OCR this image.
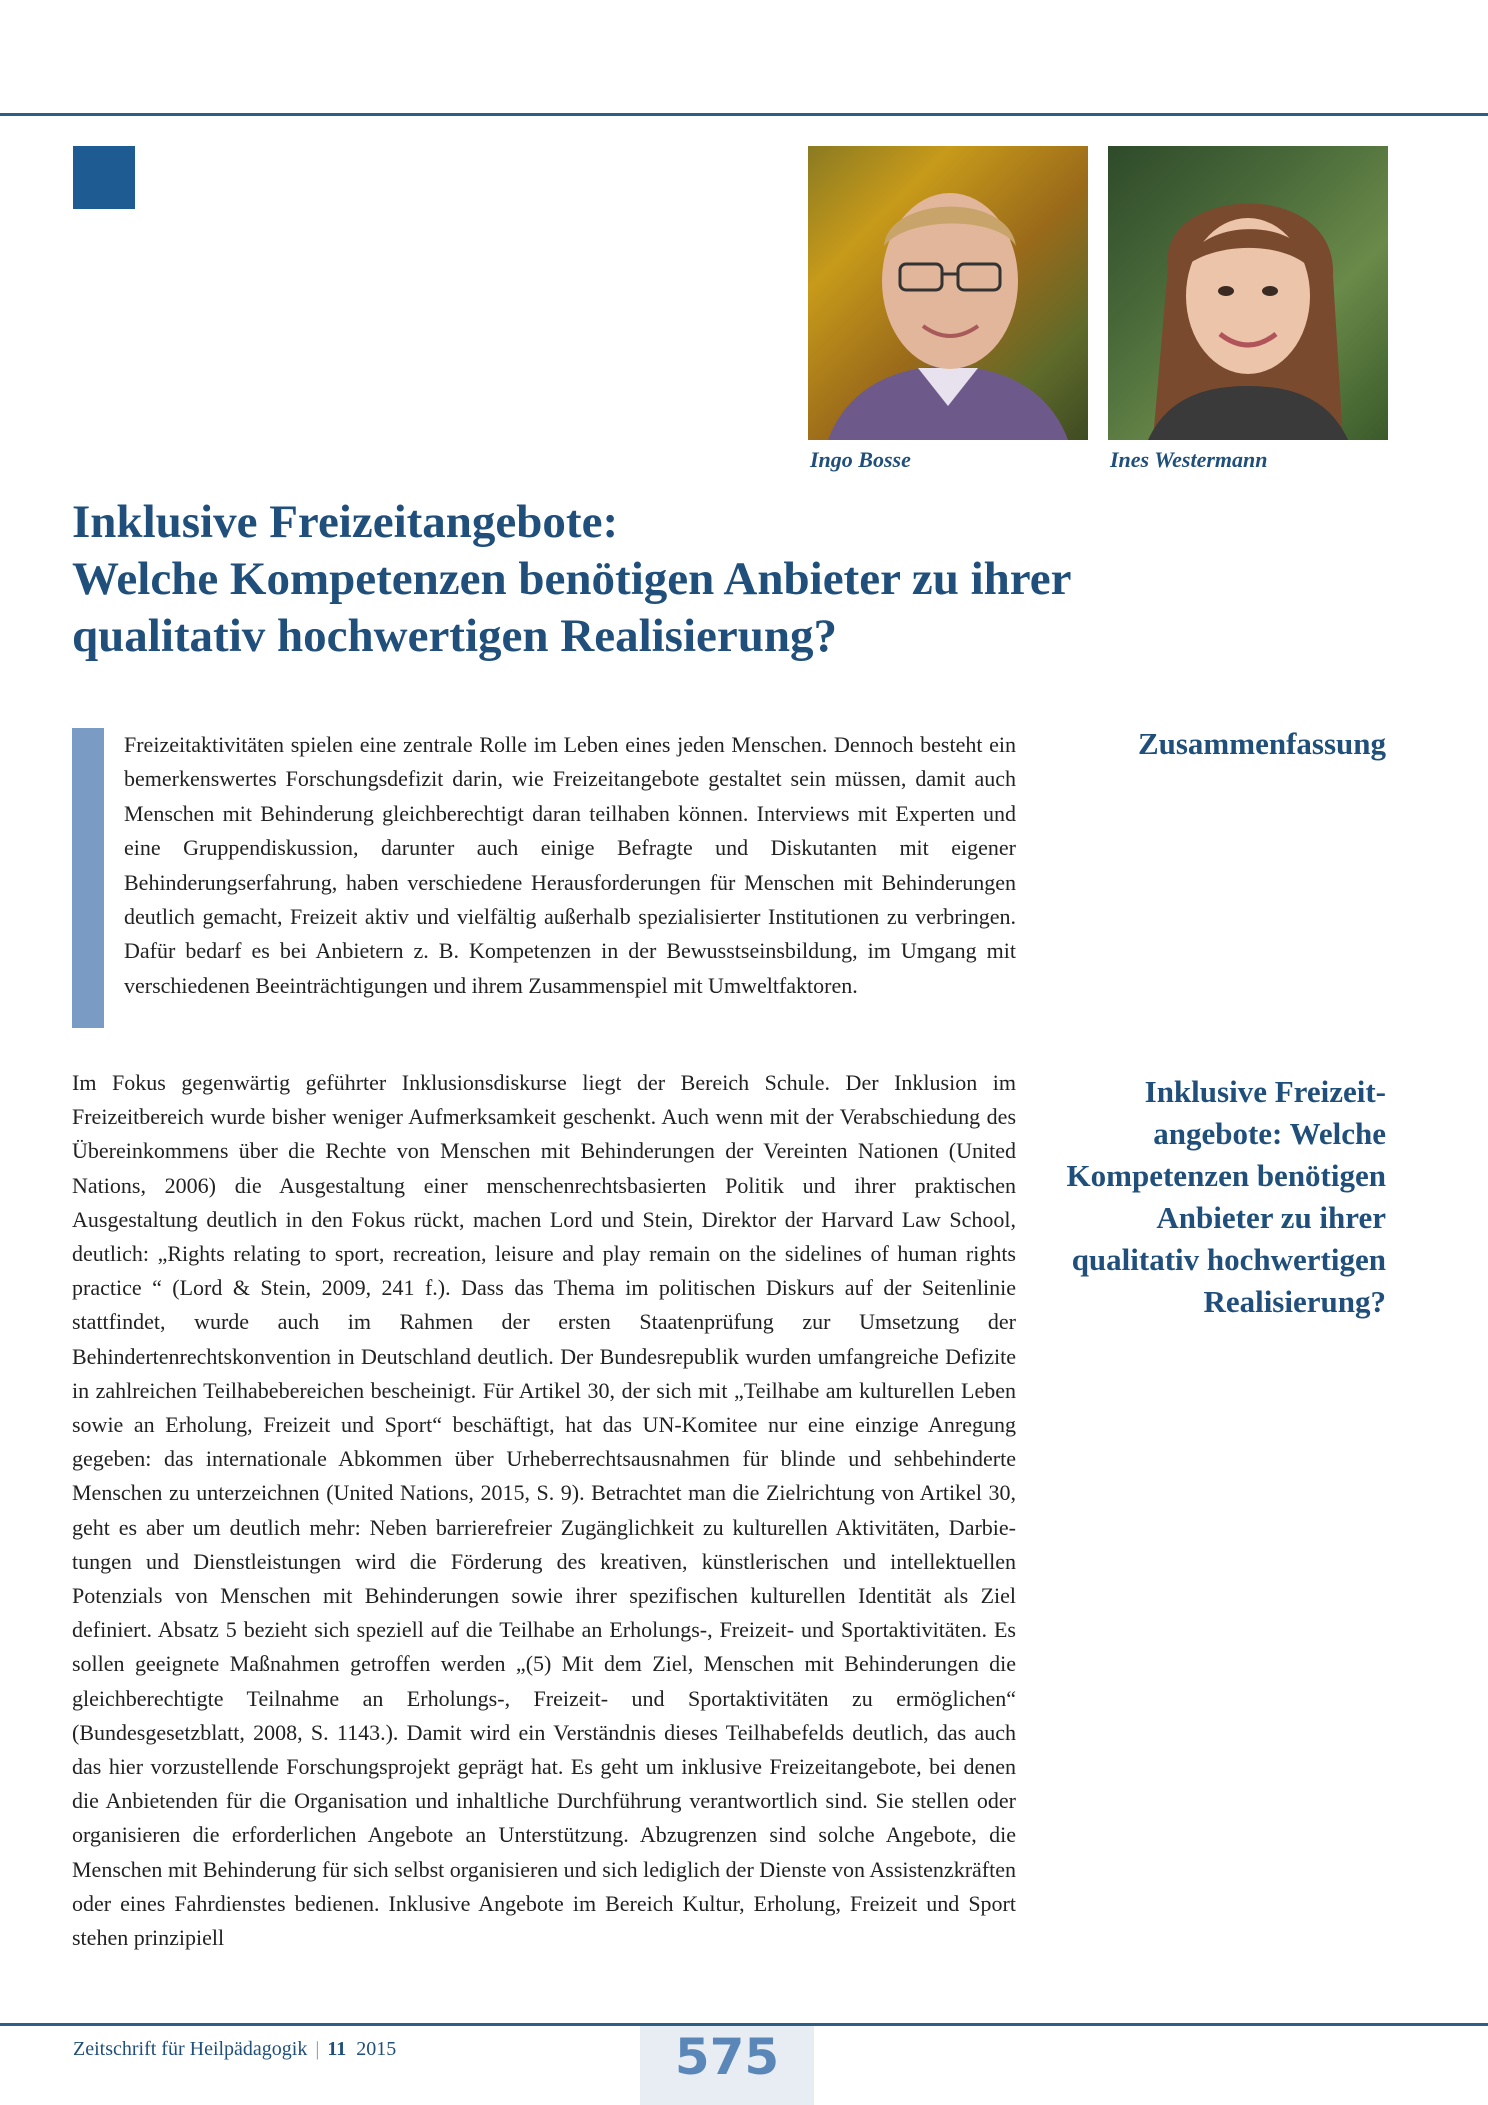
Ingo Bosse	Ines Westermann
Inklusive Freizeitangebote:
Welche Kompetenzen benötigen Anbieter zu ihrer
qualitativ hochwertigen Realisierung?
Freizeitaktivitäten spielen eine zentrale Rolle im Leben eines jeden Menschen. Dennoch besteht ein bemerkenswertes Forschungsdefizit darin, wie Freizeitangebote gestaltet sein müssen, damit auch Menschen mit Behinderung gleichberechtigt daran teilhaben können. Interviews mit Experten und eine Gruppendiskussion, darunter auch einige Befragte und Diskutanten mit eigener Behinderungserfahrung, haben verschiedene Herausforderungen für Menschen mit Behinderungen deutlich gemacht, Freizeit aktiv und vielfältig außerhalb spezialisierter Institutionen zu verbringen. Dafür bedarf es bei Anbietern z. B. Kompetenzen in der Bewusstseinsbildung, im Umgang mit verschiedenen Beeinträchtigungen und ihrem Zusammenspiel mit Umweltfaktoren.
Zusammenfassung
Inklusive Freizeitangebote: Welche Kompetenzen benötigen Anbieter zu ihrer qualitativ hochwertigen Realisierung?
Im Fokus gegenwärtig geführter Inklusionsdiskurse liegt der Bereich Schule. Der Inklusion im Freizeitbereich wurde bisher weniger Aufmerksamkeit geschenkt. Auch wenn mit der Verabschiedung des Übereinkommens über die Rechte von Menschen mit Behinderungen der Vereinten Nationen (United Nations, 2006) die Ausgestaltung einer menschenrechtsbasierten Politik und ihrer praktischen Ausgestaltung deutlich in den Fokus rückt, machen Lord und Stein, Direktor der Harvard Law School, deutlich: „Rights relating to sport, recreation, leisure and play remain on the sidelines of human rights practice “ (Lord & Stein, 2009, 241 f.). Dass das Thema im politischen Diskurs auf der Seitenlinie stattfindet, wurde auch im Rahmen der ersten Staatenprüfung zur Umsetzung der Behindertenrechtskonvention in Deutschland deutlich. Der Bundesrepublik wurden umfangreiche Defizite in zahlreichen Teilhabebereichen bescheinigt. Für Artikel 30, der sich mit „Teilhabe am kulturellen Leben sowie an Erholung, Freizeit und Sport“ beschäftigt, hat das UN-Komitee nur eine einzige Anregung gegeben: das internationale Abkommen über Urheberrechtsausnahmen für blinde und sehbehinderte Menschen zu unterzeichnen (United Nations, 2015, S. 9). Betrachtet man die Zielrichtung von Artikel 30, geht es aber um deutlich mehr: Neben barrierefreier Zugänglichkeit zu kulturellen Aktivitäten, Darbietungen und Dienstleistungen wird die Förderung des kreativen, künstlerischen und intellektuellen Potenzials von Menschen mit Behinderungen sowie ihrer spezifischen kulturellen Identität als Ziel definiert. Absatz 5 bezieht sich speziell auf die Teilhabe an Erholungs-, Freizeit- und Sportaktivitäten. Es sollen geeignete Maßnahmen getroffen werden „(5) Mit dem Ziel, Menschen mit Behinderungen die gleichberechtigte Teilnahme an Erholungs-, Freizeit- und Sportaktivitäten zu ermöglichen“ (Bundesgesetzblatt, 2008, S. 1143.). Damit wird ein Verständnis dieses Teilhabefelds deutlich, das auch das hier vorzustellende Forschungsprojekt geprägt hat. Es geht um inklusive Freizeitangebote, bei denen die Anbietenden für die Organisation und inhaltliche Durchführung verantwortlich sind. Sie stellen oder organisieren die erforderlichen Angebote an Unterstützung. Abzugrenzen sind solche Angebote, die Menschen mit Behinderung für sich selbst organisieren und sich lediglich der Dienste von Assistenzkräften oder eines Fahrdienstes bedienen. Inklusive Angebote im Bereich Kultur, Erholung, Freizeit und Sport stehen prinzipiell
Zeitschrift für Heilpädagogik | 11 2015	575
